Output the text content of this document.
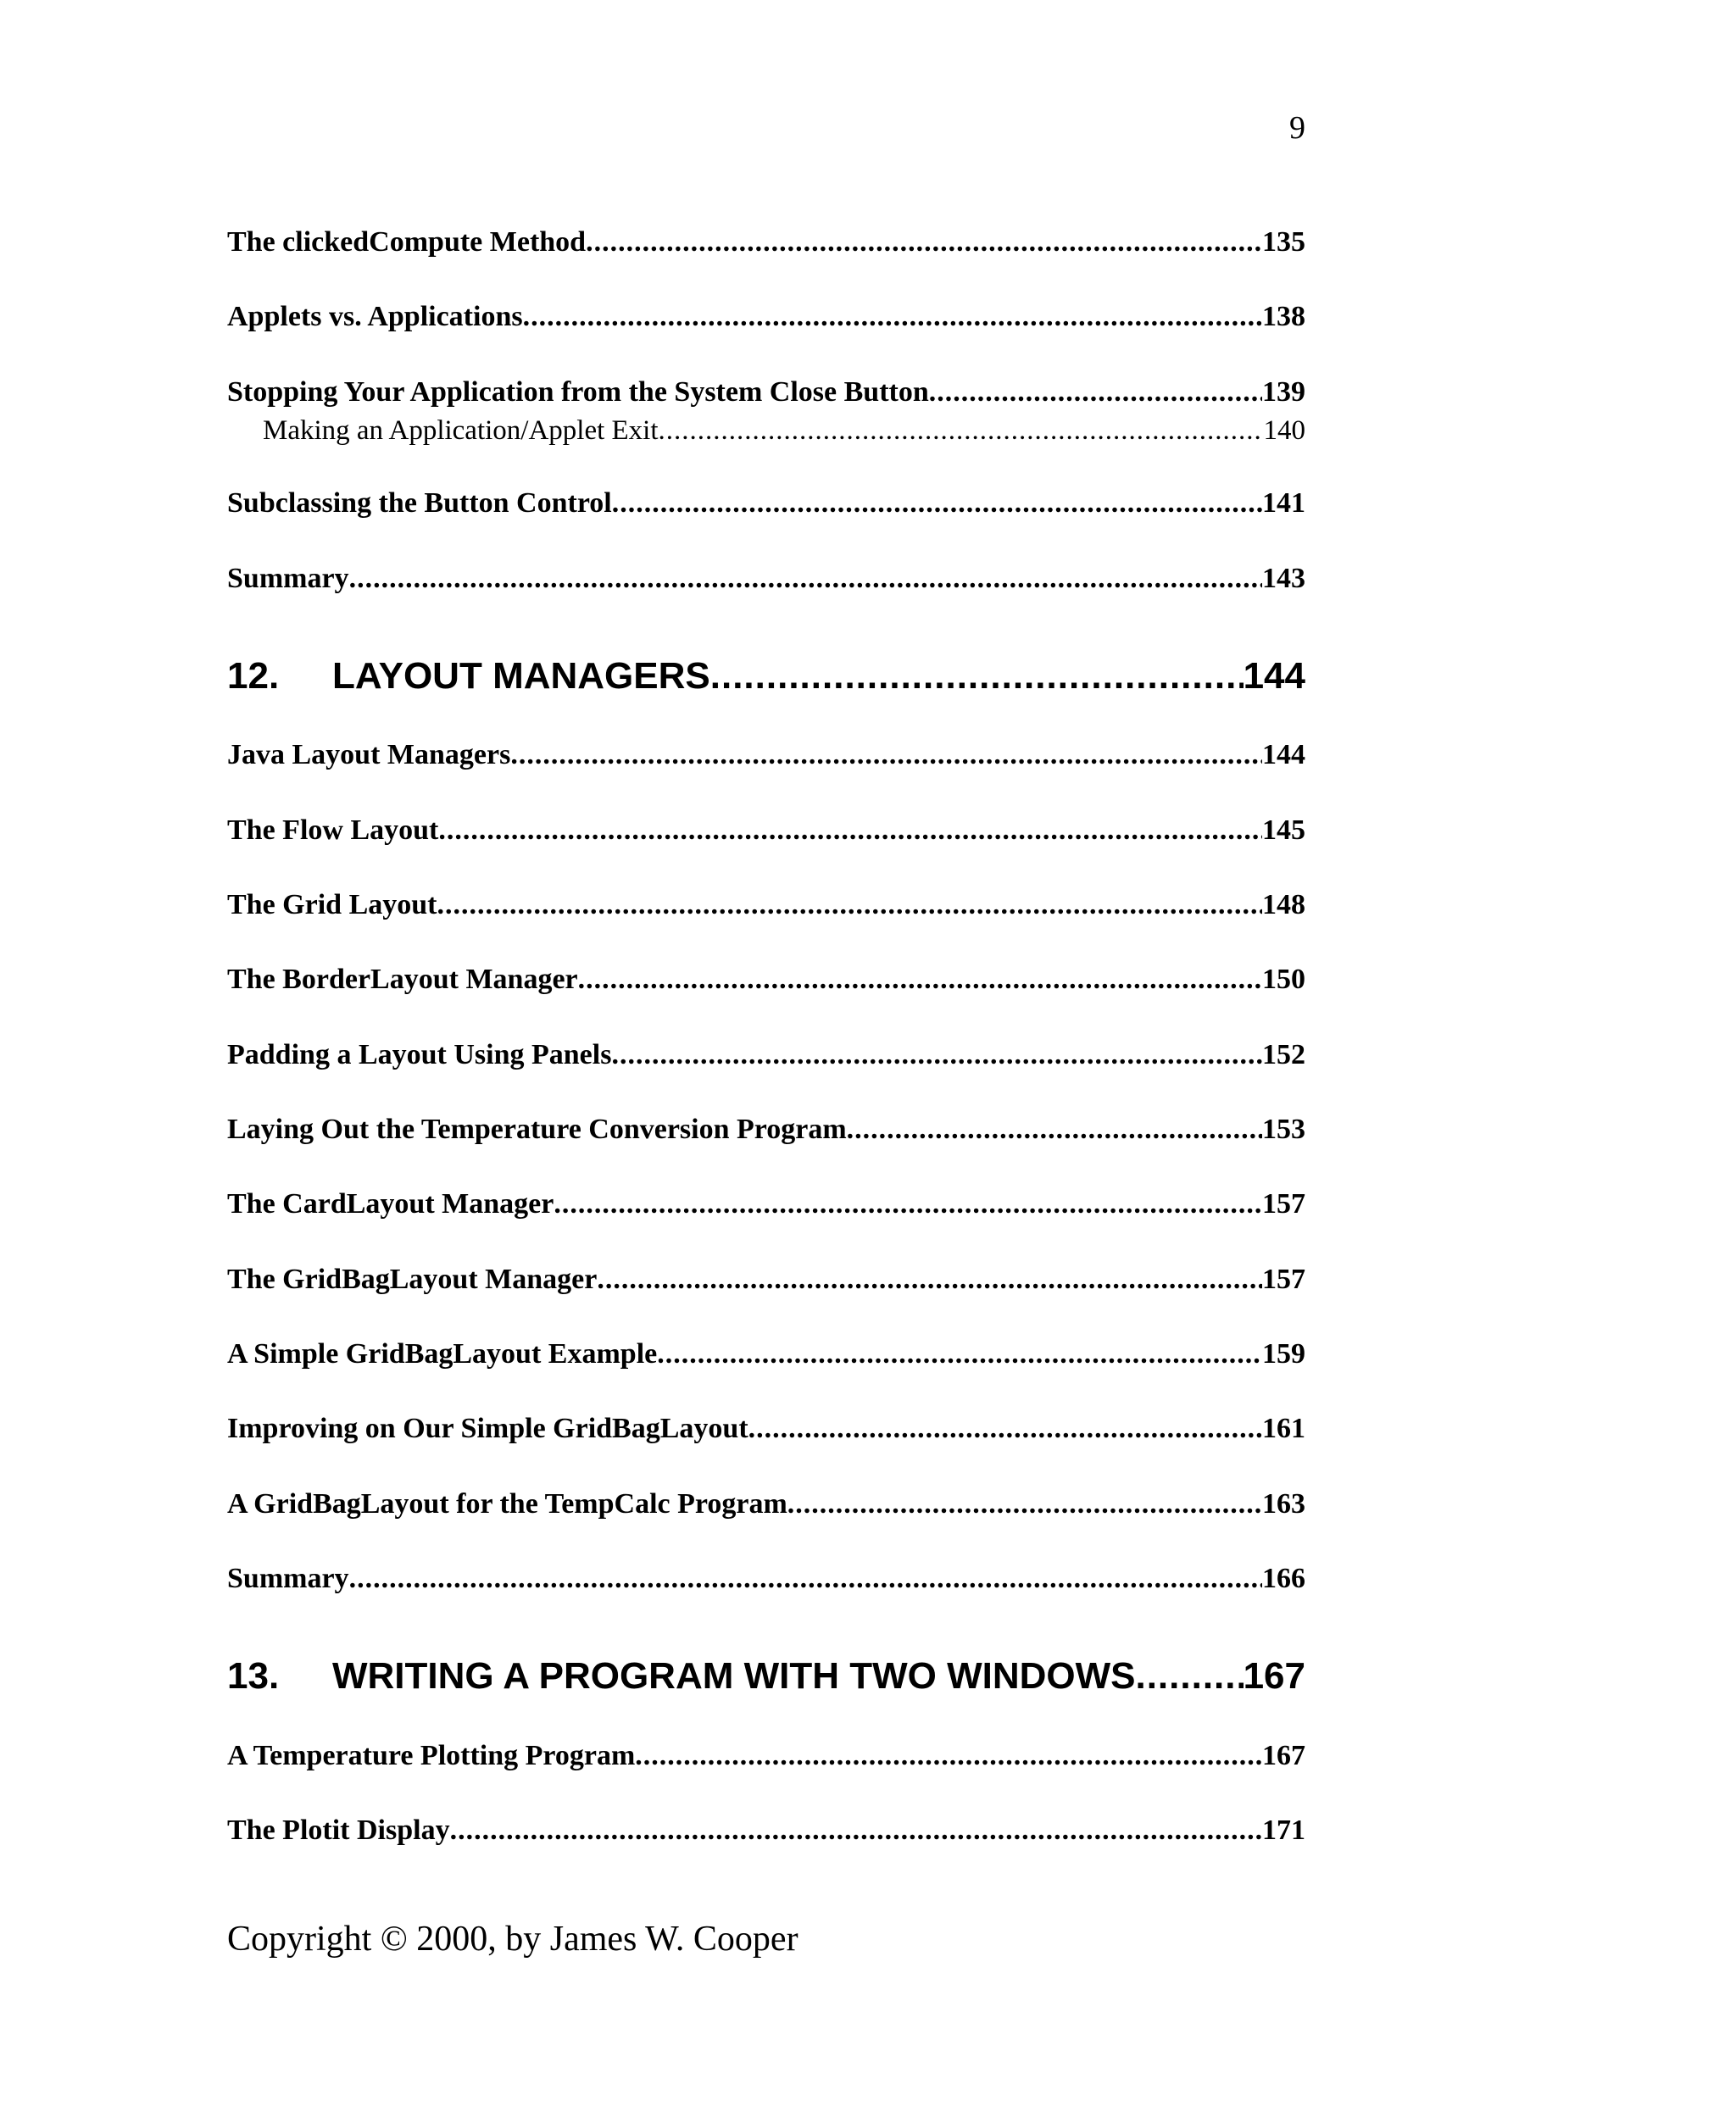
9
The clickedCompute Method .....	135
Applets vs. Applications .....	138
Stopping Your Application from the System Close Button .....	139
Making an Application/Applet Exit .....	140
Subclassing the Button Control .....	141
Summary .....	143
12.	LAYOUT MANAGERS .....	144
Java Layout Managers .....	144
The Flow Layout .....	145
The Grid Layout .....	148
The BorderLayout Manager .....	150
Padding a Layout Using Panels .....	152
Laying Out the Temperature Conversion Program .....	153
The CardLayout Manager .....	157
The GridBagLayout Manager .....	157
A Simple GridBagLayout Example .....	159
Improving on Our Simple GridBagLayout .....	161
A GridBagLayout for the TempCalc Program .....	163
Summary .....	166
13.	WRITING A PROGRAM WITH TWO WINDOWS .....	167
A Temperature Plotting Program .....	167
The Plotit Display .....	171
Copyright © 2000, by James W. Cooper
